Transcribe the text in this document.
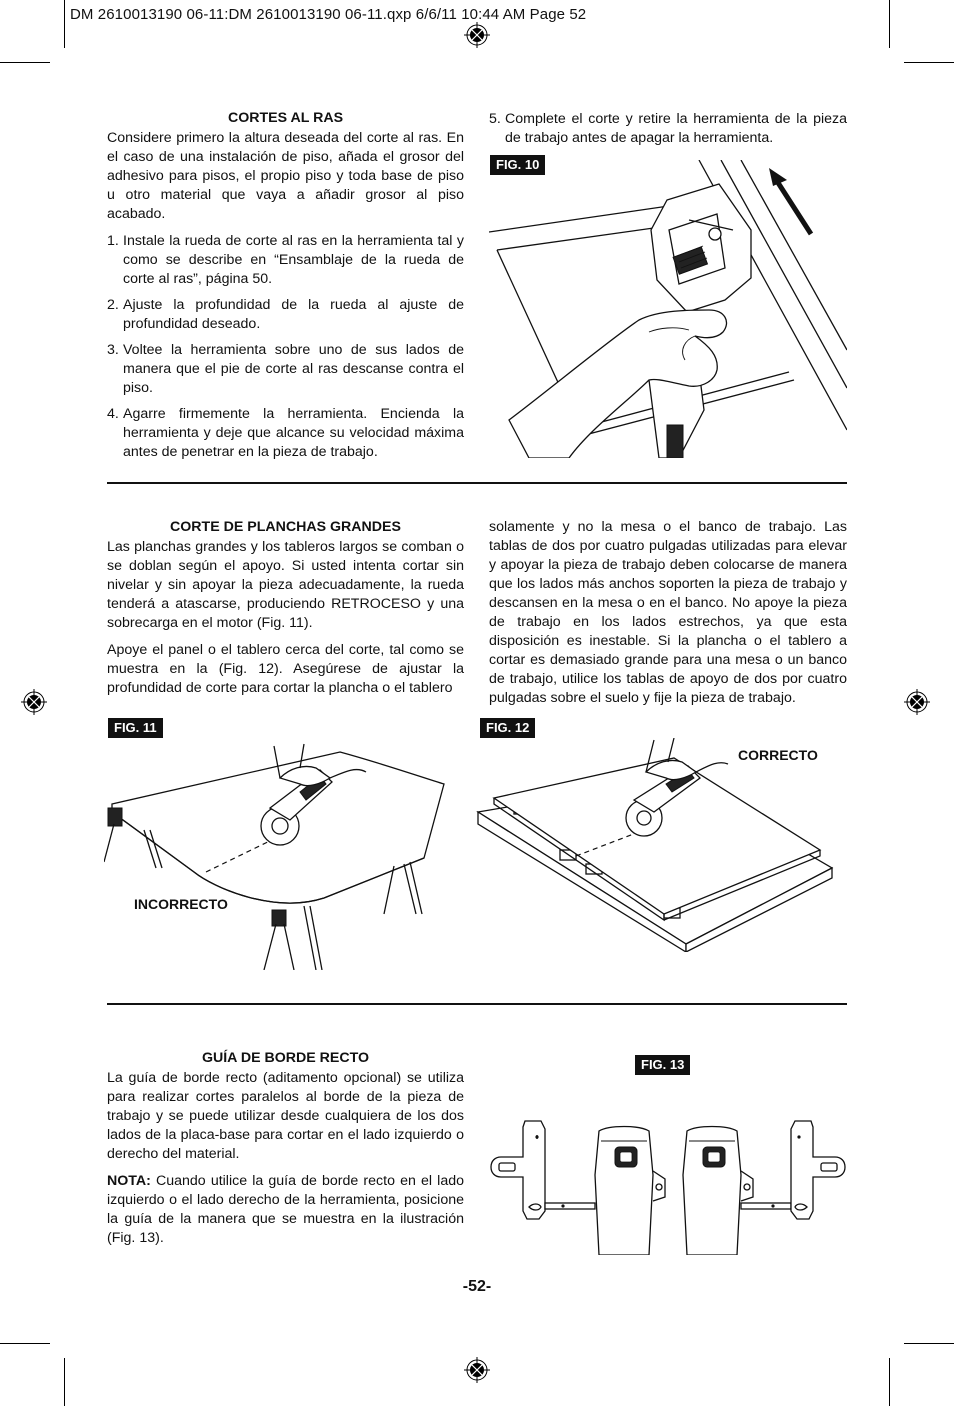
DM 2610013190 06-11:DM 2610013190 06-11.qxp 6/6/11 10:44 AM Page 52
CORTES AL RAS

Considere primero la altura deseada del corte al ras. En el caso de una instalación de piso, añada el grosor del adhesivo para pisos, el propio piso y toda base de piso u otro material que vaya a añadir grosor al piso acabado.

1. Instale la rueda de corte al ras en la herramienta tal y como se describe en “Ensamblaje de la rueda de corte al ras”, página 50.
2. Ajuste la profundidad de la rueda al ajuste de profundidad deseado.
3. Voltee la herramienta sobre uno de sus lados de manera que el pie de corte al ras descanse contra el piso.
4. Agarre firmemente la herramienta. Encienda la herramienta y deje que alcance su velocidad máxima antes de penetrar en la pieza de trabajo.
5. Complete el corte y retire la herramienta de la pieza de trabajo antes de apagar la herramienta.
FIG. 10
CORTE DE PLANCHAS GRANDES

Las planchas grandes y los tableros largos se comban o se doblan según el apoyo. Si usted intenta cortar sin nivelar y sin apoyar la pieza adecuadamente, la rueda tenderá a atascarse, produciendo RETROCESO y una sobrecarga en el motor (Fig. 11).

Apoye el panel o el tablero cerca del corte, tal como se muestra en la (Fig. 12). Asegúrese de ajustar la profundidad de corte para cortar la plancha o el tablero

solamente y no la mesa o el banco de trabajo. Las tablas de dos por cuatro pulgadas utilizadas para elevar y apoyar la pieza de trabajo deben colocarse de manera que los lados más anchos soporten la pieza de trabajo y descansen en la mesa o en el banco. No apoye la pieza de trabajo en los lados estrechos, ya que esta disposición es inestable. Si la plancha o el tablero a cortar es demasiado grande para una mesa o un banco de trabajo, utilice los tablas de apoyo de dos por cuatro pulgadas sobre el suelo y fije la pieza de trabajo.

FIG. 11	FIG. 12
INCORRECTO
CORRECTO
GUÍA DE BORDE RECTO

La guía de borde recto (aditamento opcional) se utiliza para realizar cortes paralelos al borde de la pieza de trabajo y se puede utilizar desde cualquiera de los dos lados de la placa-base para cortar en el lado izquierdo o derecho del material.

NOTA: Cuando utilice la guía de borde recto en el lado izquierdo o el lado derecho de la herramienta, posicione la guía de la manera que se muestra en la ilustración (Fig. 13).

FIG. 13
-52-
